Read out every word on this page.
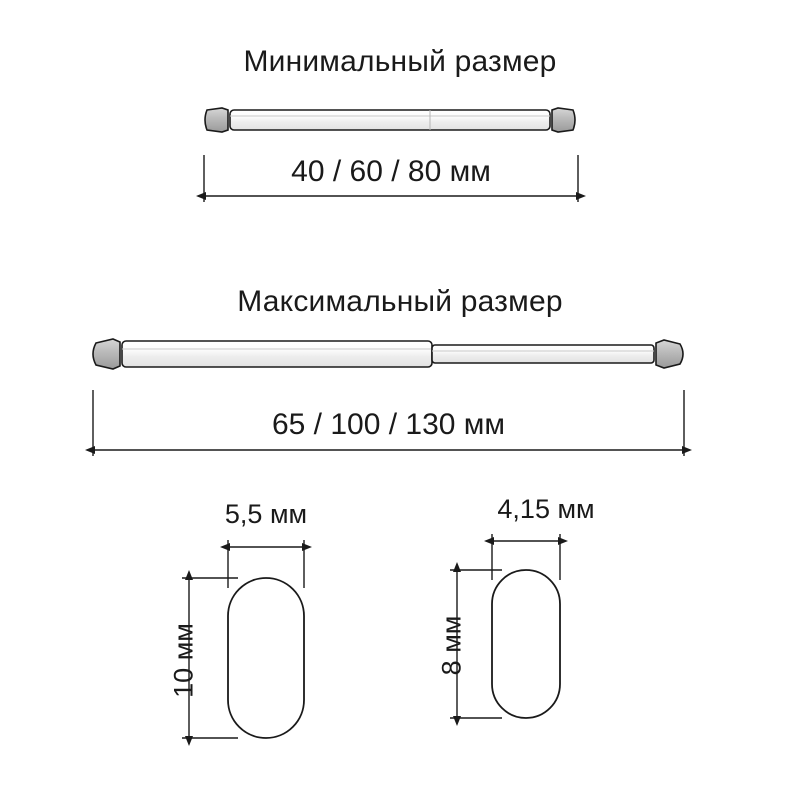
Минимальный размер
40 / 60 / 80 мм
Максимальный размер
65 / 100 / 130 мм
5,5 мм
10 мм
4,15 мм
8 мм
